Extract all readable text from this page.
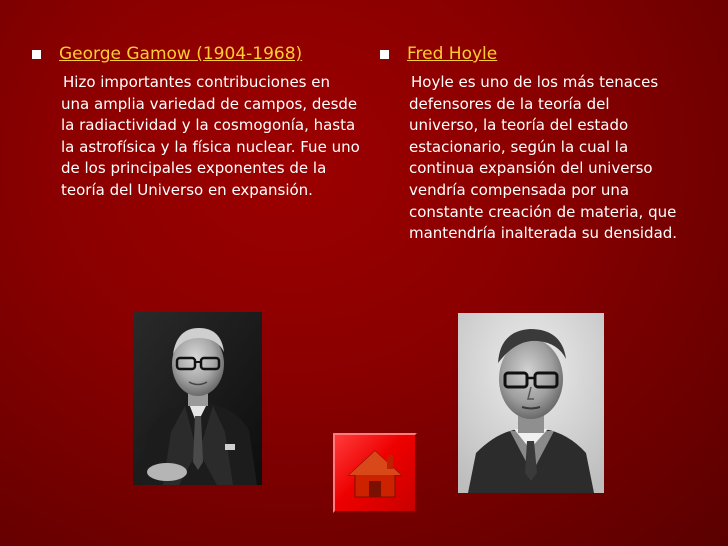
George Gamow (1904-1968)

Hizo importantes contribuciones en una amplia variedad de campos, desde la radiactividad y la cosmogonía, hasta la astrofísica y la física nuclear. Fue uno de los principales exponentes de la teoría del Universo en expansión.

Fred Hoyle

Hoyle es uno de los más tenaces defensores de la teoría del universo, la teoría del estado estacionario, según la cual la continua expansión del universo vendría compensada por una constante creación de materia, que mantendría inalterada su densidad.
